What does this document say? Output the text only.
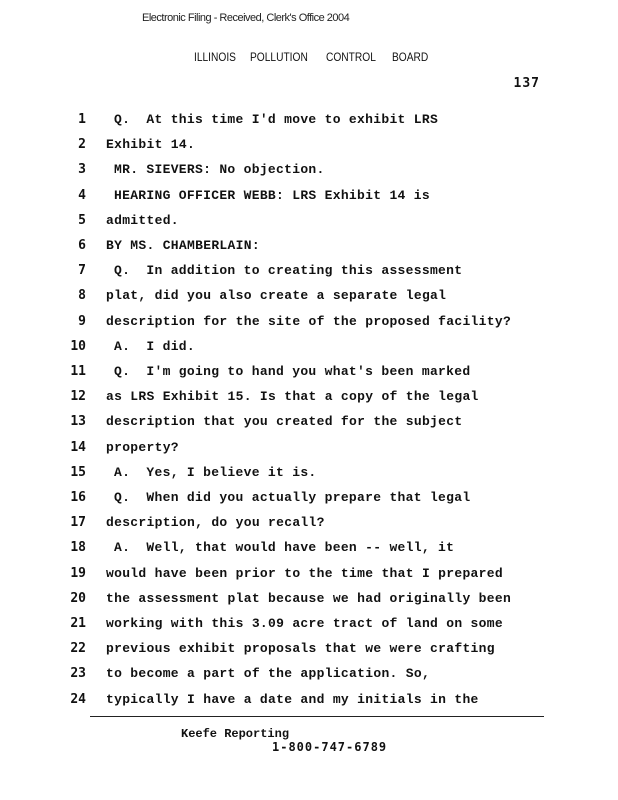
Electronic Filing - Received, Clerk's Office 2004
ILLINOIS POLLUTION CONTROL BOARD
137
1 Q.  At this time I'd move to exhibit LRS
2 Exhibit 14.
3 MR. SIEVERS: No objection.
4 HEARING OFFICER WEBB: LRS Exhibit 14 is
5 admitted.
6 BY MS. CHAMBERLAIN:
7 Q.  In addition to creating this assessment
8 plat, did you also create a separate legal
9 description for the site of the proposed facility?
10 A.  I did.
11 Q.  I'm going to hand you what's been marked
12 as LRS Exhibit 15. Is that a copy of the legal
13 description that you created for the subject
14 property?
15 A.  Yes, I believe it is.
16 Q.  When did you actually prepare that legal
17 description, do you recall?
18 A.  Well, that would have been -- well, it
19 would have been prior to the time that I prepared
20 the assessment plat because we had originally been
21 working with this 3.09 acre tract of land on some
22 previous exhibit proposals that we were crafting
23 to become a part of the application. So,
24 typically I have a date and my initials in the
Keefe Reporting
1-800-747-6789
